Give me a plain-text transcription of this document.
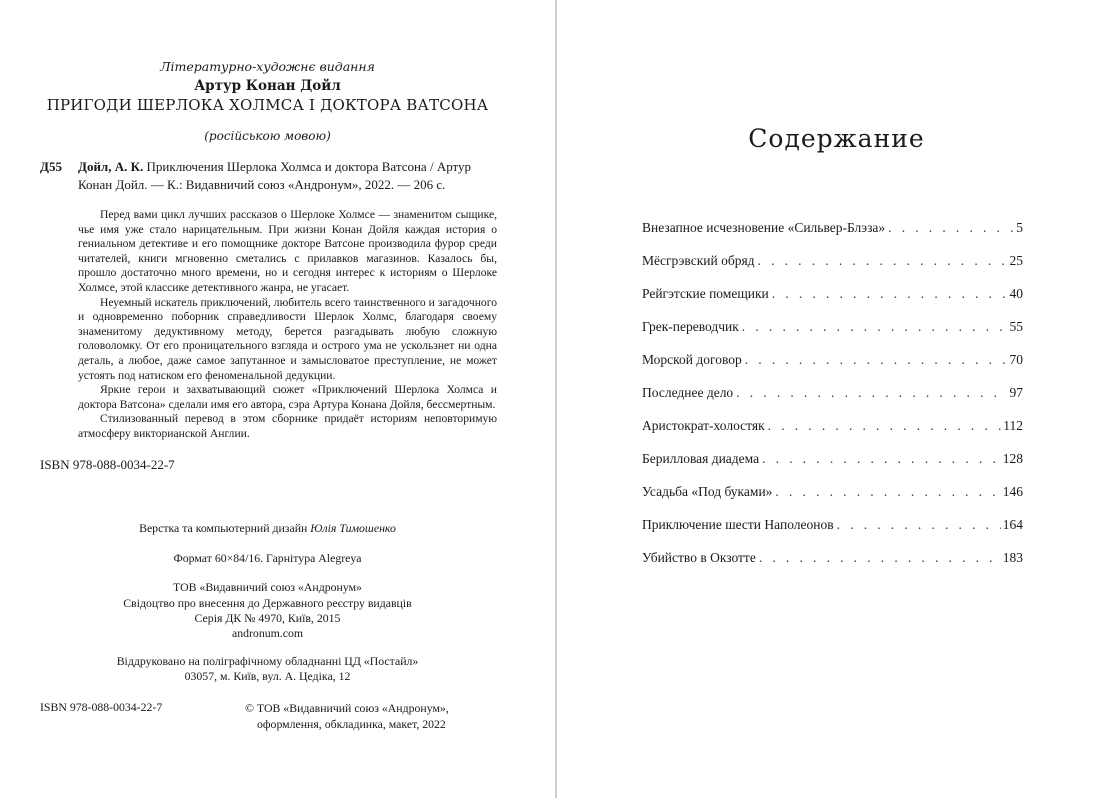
Літературно-художнє видання
Артур Конан Дойл
ПРИГОДИ ШЕРЛОКА ХОЛМСА І ДОКТОРА ВАТСОНА
(російською мовою)
Д55 Дойл, А. К. Приключения Шерлока Холмса и доктора Ватсона / Артур
Конан Дойл. — К.: Видавничий союз «Андронум», 2022. — 206 с.

Перед вами цикл лучших рассказов о Шерлоке Холмсе — знаменитом сыщике, чье имя уже стало нарицательным. При жизни Конан Дойля каждая история о гениальном детективе и его помощнике докторе Ватсоне производила фурор среди читателей, книги мгновенно сметались с прилавков магазинов. Казалось бы, прошло достаточно много времени, но и сегодня интерес к историям о Шерлоке Холмсе, этой классике детективного жанра, не угасает.

Неуемный искатель приключений, любитель всего таинственного и загадочного и одновременно поборник справедливости Шерлок Холмс, благодаря своему знаменитому дедуктивному методу, берется разгадывать любую сложную головоломку. От его проницательного взгляда и острого ума не ускользнет ни одна деталь, а любое, даже самое запутанное и замысловатое преступление, не может устоять под натиском его феноменальной дедукции.

Яркие герои и захватывающий сюжет «Приключений Шерлока Холмса и доктора Ватсона» сделали имя его автора, сэра Артура Конана Дойля, бессмертным.

Стилизованный перевод в этом сборнике придаёт историям неповторимую атмосферу викторианской Англии.

ISBN 978-088-0034-22-7
Верстка та компьютерний дизайн Юлія Тимошенко
Формат 60×84/16. Гарнітура Alegreya
ТОВ «Видавничий союз «Андронум»
Свідоцтво про внесення до Державного реєстру видавців
Серія ДК № 4970, Київ, 2015
andronum.com
Віддруковано на поліграфічному обладнанні ЦД «Постайл»
03057, м. Київ, вул. А. Цедіка, 12
ISBN 978-088-0034-22-7	© ТОВ «Видавничий союз «Андронум»,
оформлення, обкладинка, макет, 2022
Содержание
Внезапное исчезновение «Сильвер-Блэза» . . .	5
Мёсгрэвский обряд . . .	25
Рейгэтские помещики . . .	40
Грек-переводчик . . .	55
Морской договор . . .	70
Последнее дело . . .	97
Аристократ-холостяк . . .	112
Берилловая диадема . . .	128
Усадьба «Под буками» . . .	146
Приключение шести Наполеонов . . .	164
Убийство в Окзотте . . .	183
